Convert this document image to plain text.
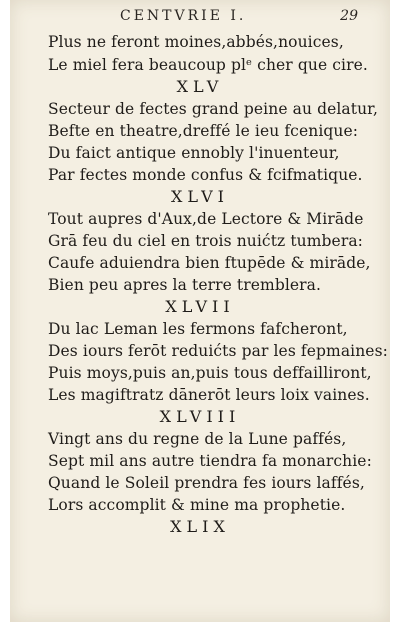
CENTVRIE I.	29
Plus ne feront moines,abbés,nouices,
Le miel fera beaucoup plᵉ cher que cire.
XLV
Secteur de fectes grand peine au delatur,
Befte en theatre,dreffé le ieu fcenique:
Du faict antique ennobly l'inuenteur,
Par fectes monde confus & fcifmatique.
XLVI
Tout aupres d'Aux,de Lectore & Mirāde
Grā feu du ciel en trois nuićtz tumbera:
Caufe aduiendra bien ftupēde & mirāde,
Bien peu apres la terre tremblera.
XLVII
Du lac Leman les fermons fafcheront,
Des iours ferōt reduićts par les fepmaines:
Puis moys,puis an,puis tous deffailliront,
Les magiftratz dānerōt leurs loix vaines.
XLVIII
Vingt ans du regne de la Lune paffés,
Sept mil ans autre tiendra fa monarchie:
Quand le Soleil prendra fes iours laffés,
Lors accomplit & mine ma prophetie.
XLIX
